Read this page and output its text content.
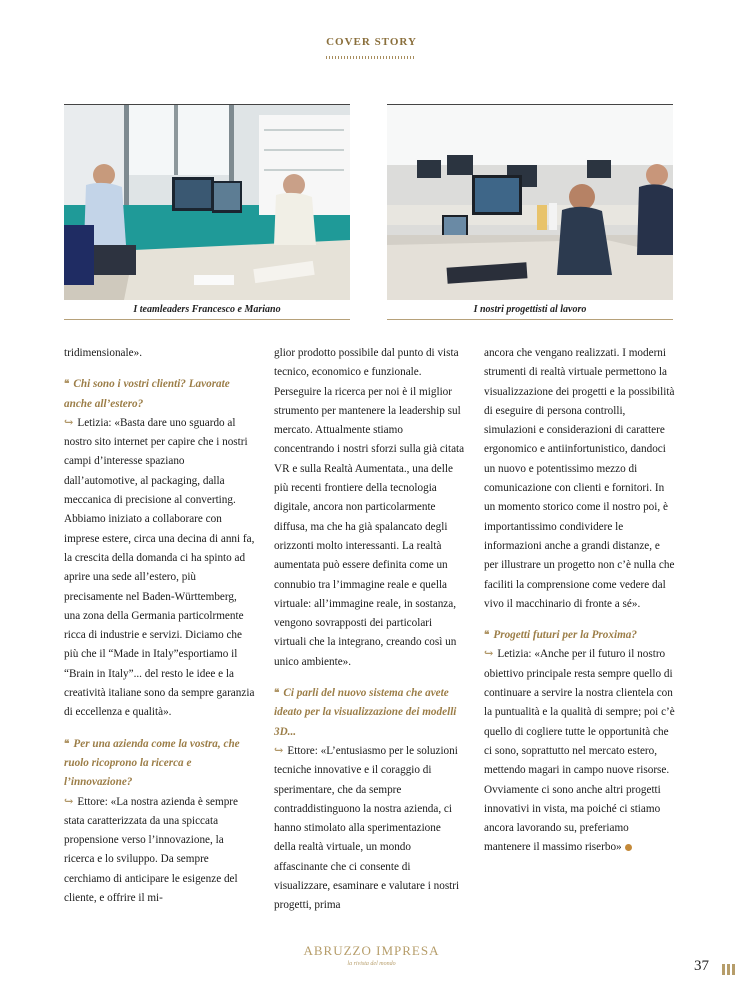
COVER STORY
I teamleaders Francesco e Mariano	I nostri progettisti al lavoro

tridimensionale».

❝ Chi sono i vostri clienti? Lavorate anche all’estero?

↪ Letizia: «Basta dare uno sguardo al nostro sito internet per capire che i nostri campi d’interesse spaziano dall’automotive, al packaging, dalla meccanica di precisione al converting. Abbiamo iniziato a collaborare con imprese estere, circa una decina di anni fa, la crescita della domanda ci ha spinto ad aprire una sede all’estero, più precisamente nel Baden-Württemberg, una zona della Germania particolrmente ricca di industrie e servizi. Diciamo che più che il “Made in Italy”esportiamo il “Brain in Italy”... del resto le idee e la creatività italiane sono da sempre garanzia di eccellenza e qualità».

❝ Per una azienda come la vostra, che ruolo ricoprono la ricerca e l’innovazione?

↪ Ettore: «La nostra azienda è sempre stata caratterizzata da una spiccata propensione verso l’innovazione, la ricerca e lo sviluppo. Da sempre cerchiamo di anticipare le esigenze del cliente, e offrire il mi-

glior prodotto possibile dal punto di vista tecnico, economico e funzionale. Perseguire la ricerca per noi è il miglior strumento per mantenere la leadership sul mercato. Attualmente stiamo concentrando i nostri sforzi sulla già citata VR e sulla Realtà Aumentata., una delle più recenti frontiere della tecnologia digitale, ancora non particolarmente diffusa, ma che ha già spalancato degli orizzonti molto interessanti. La realtà aumentata può essere definita come un connubio tra l’immagine reale e quella virtuale: all’immagine reale, in sostanza, vengono sovrapposti dei particolari virtuali che la integrano, creando così un unico ambiente».

❝ Ci parli del nuovo sistema che avete ideato per la visualizzazione dei modelli 3D...

↪ Ettore: «L’entusiasmo per le soluzioni tecniche innovative e il coraggio di sperimentare, che da sempre contraddistinguono la nostra azienda, ci hanno stimolato alla sperimentazione della realtà virtuale, un mondo affascinante che ci consente di visualizzare, esaminare e valutare i nostri progetti, prima

ancora che vengano realizzati. I moderni strumenti di realtà virtuale permettono la visualizzazione dei progetti e la possibilità di eseguire di persona controlli, simulazioni e considerazioni di carattere ergonomico e antiinfortunistico, dandoci un nuovo e potentissimo mezzo di comunicazione con clienti e fornitori. In un momento storico come il nostro poi, è importantissimo condividere le informazioni anche a grandi distanze, e per illustrare un progetto non c’è nulla che faciliti la comprensione come vedere dal vivo il macchinario di fronte a sé».

❝ Progetti futuri per la Proxima?

↪ Letizia: «Anche per il futuro il nostro obiettivo principale resta sempre quello di continuare a servire la nostra clientela con la puntualità e la qualità di sempre; poi c’è quello di cogliere tutte le opportunità che ci sono, soprattutto nel mercato estero, mettendo magari in campo nuove risorse. Ovviamente ci sono anche altri progetti innovativi in vista, ma poiché ci stiamo ancora lavorando su, preferiamo mantenere il massimo riserbo»

ABRUZZO IMPRESA
la rivista del mondo	37
